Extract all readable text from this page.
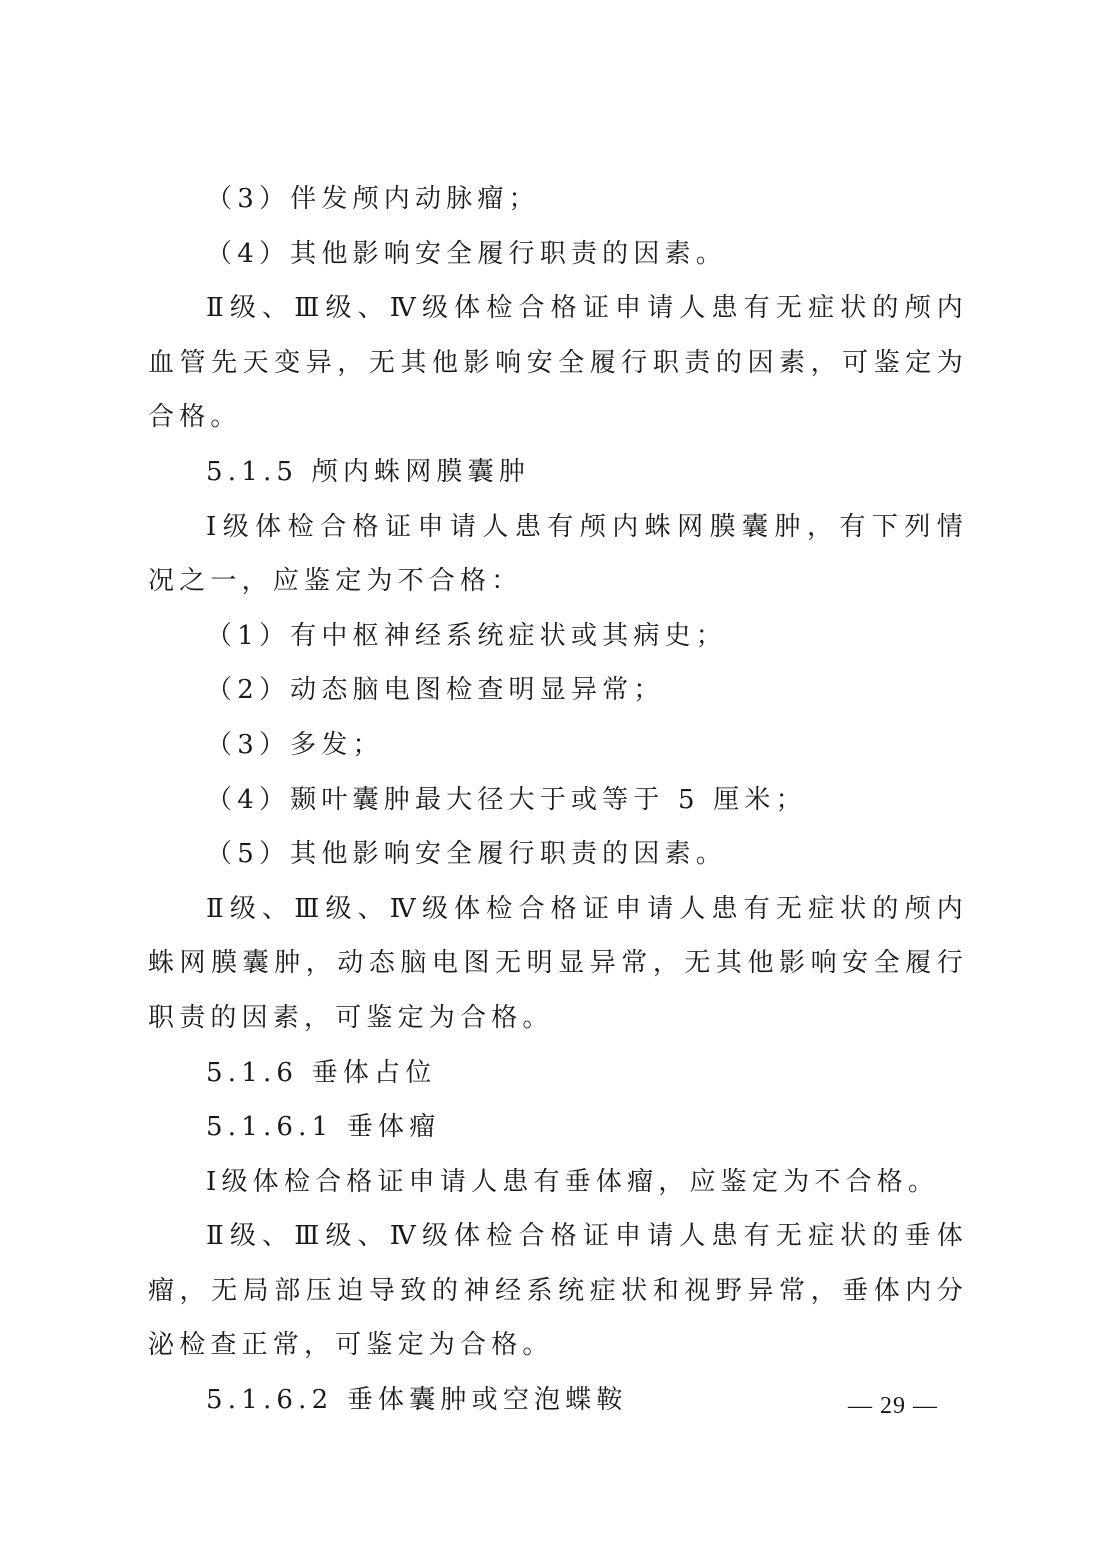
（3）伴发颅内动脉瘤；

（4）其他影响安全履行职责的因素。

Ⅱ级、Ⅲ级、Ⅳ级体检合格证申请人患有无症状的颅内血管先天变异，无其他影响安全履行职责的因素，可鉴定为合格。

5.1.5 颅内蛛网膜囊肿

Ⅰ级体检合格证申请人患有颅内蛛网膜囊肿，有下列情况之一，应鉴定为不合格：

（1）有中枢神经系统症状或其病史；

（2）动态脑电图检查明显异常；

（3）多发；

（4）颞叶囊肿最大径大于或等于 5 厘米；

（5）其他影响安全履行职责的因素。

Ⅱ级、Ⅲ级、Ⅳ级体检合格证申请人患有无症状的颅内蛛网膜囊肿，动态脑电图无明显异常，无其他影响安全履行职责的因素，可鉴定为合格。

5.1.6 垂体占位

5.1.6.1 垂体瘤

Ⅰ级体检合格证申请人患有垂体瘤，应鉴定为不合格。

Ⅱ级、Ⅲ级、Ⅳ级体检合格证申请人患有无症状的垂体瘤，无局部压迫导致的神经系统症状和视野异常，垂体内分泌检查正常，可鉴定为合格。

5.1.6.2 垂体囊肿或空泡蝶鞍	— 29 —
